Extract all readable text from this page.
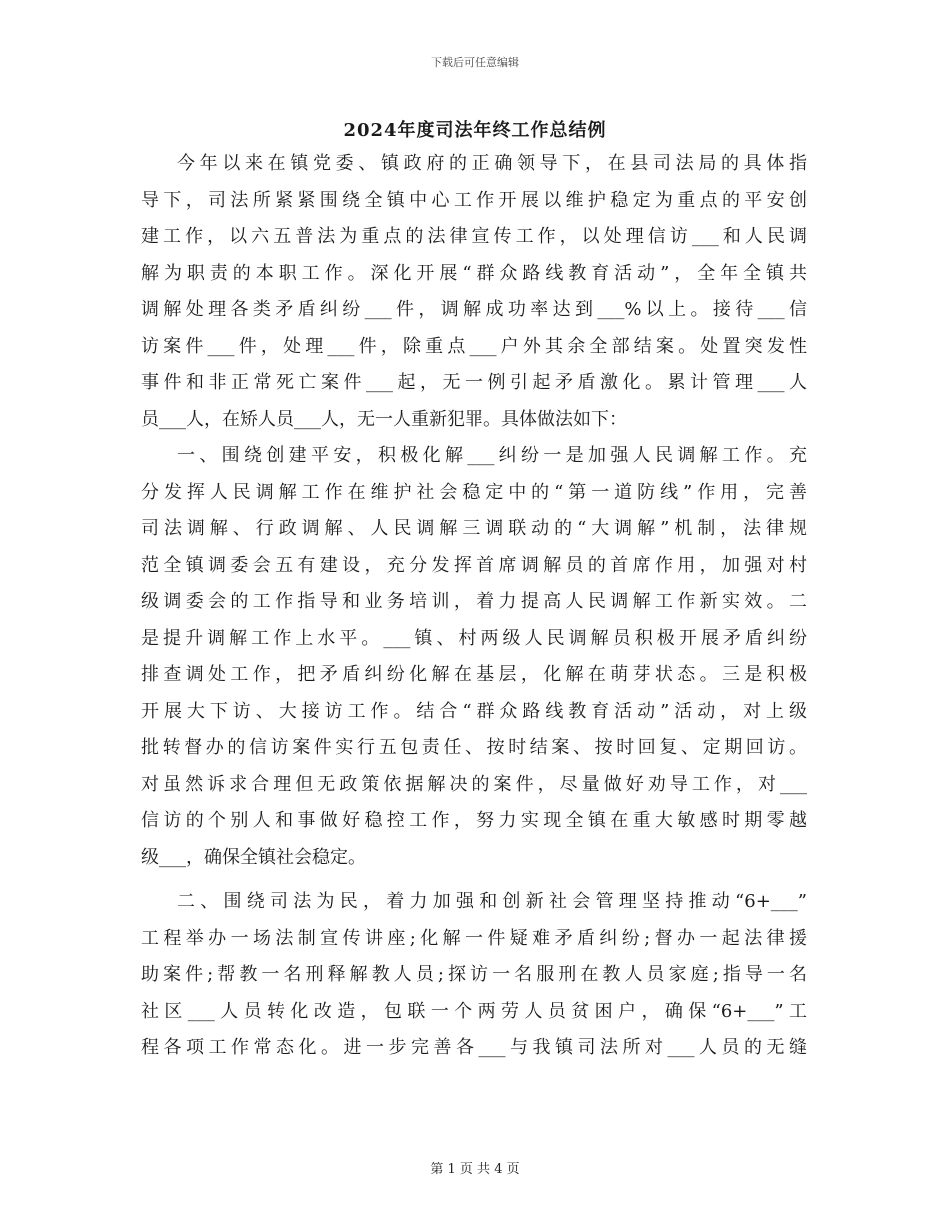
下载后可任意编辑
2024年度司法年终工作总结例
今年以来在镇党委、镇政府的正确领导下，在县司法局的具体指
导下，司法所紧紧围绕全镇中心工作开展以维护稳定为重点的平安创
建工作，以六五普法为重点的法律宣传工作，以处理信访___和人民调
解为职责的本职工作。深化开展“群众路线教育活动”，全年全镇共
调解处理各类矛盾纠纷___件，调解成功率达到___%以上。接待___信
访案件___件，处理___件，除重点___户外其余全部结案。处置突发性
事件和非正常死亡案件___起，无一例引起矛盾激化。累计管理___人
员___人，在矫人员___人，无一人重新犯罪。具体做法如下：
一、围绕创建平安，积极化解___纠纷一是加强人民调解工作。充
分发挥人民调解工作在维护社会稳定中的“第一道防线”作用，完善
司法调解、行政调解、人民调解三调联动的“大调解”机制，法律规
范全镇调委会五有建设，充分发挥首席调解员的首席作用，加强对村
级调委会的工作指导和业务培训，着力提高人民调解工作新实效。二
是提升调解工作上水平。___镇、村两级人民调解员积极开展矛盾纠纷
排查调处工作，把矛盾纠纷化解在基层，化解在萌芽状态。三是积极
开展大下访、大接访工作。结合“群众路线教育活动”活动，对上级
批转督办的信访案件实行五包责任、按时结案、按时回复、定期回访。
对虽然诉求合理但无政策依据解决的案件，尽量做好劝导工作，对___
信访的个别人和事做好稳控工作，努力实现全镇在重大敏感时期零越
级___，确保全镇社会稳定。
二、围绕司法为民，着力加强和创新社会管理坚持推动“6+___”
工程举办一场法制宣传讲座;化解一件疑难矛盾纠纷;督办一起法律援
助案件;帮教一名刑释解教人员;探访一名服刑在教人员家庭;指导一名
社区___人员转化改造，包联一个两劳人员贫困户，确保“6+___”工
程各项工作常态化。进一步完善各___与我镇司法所对___人员的无缝
第 1 页 共 4 页
